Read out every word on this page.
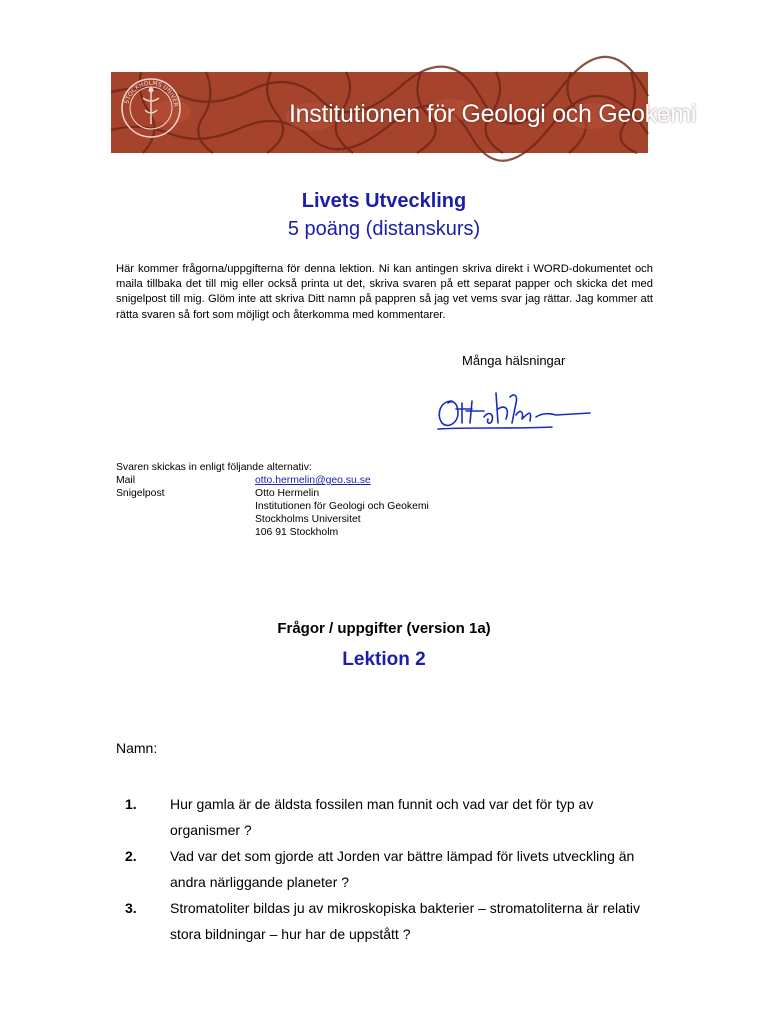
STOCKHOLMS UNIVER	Institutionen för Geologi och Geokemi
Livets Utveckling
5 poäng (distanskurs)
Här kommer frågorna/uppgifterna för denna lektion. Ni kan antingen skriva direkt i WORD-dokumentet och maila tillbaka det till mig eller också printa ut det, skriva svaren på ett separat papper och skicka det med snigelpost till mig. Glöm inte att skriva Ditt namn på pappren så jag vet vems svar jag rättar. Jag kommer att rätta svaren så fort som möjligt och återkomma med kommentarer.
Många hälsningar
Svaren skickas in enligt följande alternativ:
Mail	otto.hermelin@geo.su.se
Snigelpost	Otto Hermelin
Institutionen för Geologi och Geokemi
Stockholms Universitet
106 91 Stockholm
Frågor / uppgifter (version 1a)
Lektion 2
Namn:
1.	Hur gamla är de äldsta fossilen man funnit och vad var det för typ av organismer ?
2.	Vad var det som gjorde att Jorden var bättre lämpad för livets utveckling än andra närliggande planeter ?
3.	Stromatoliter bildas ju av mikroskopiska bakterier – stromatoliterna är relativ stora bildningar – hur har de uppstått ?
